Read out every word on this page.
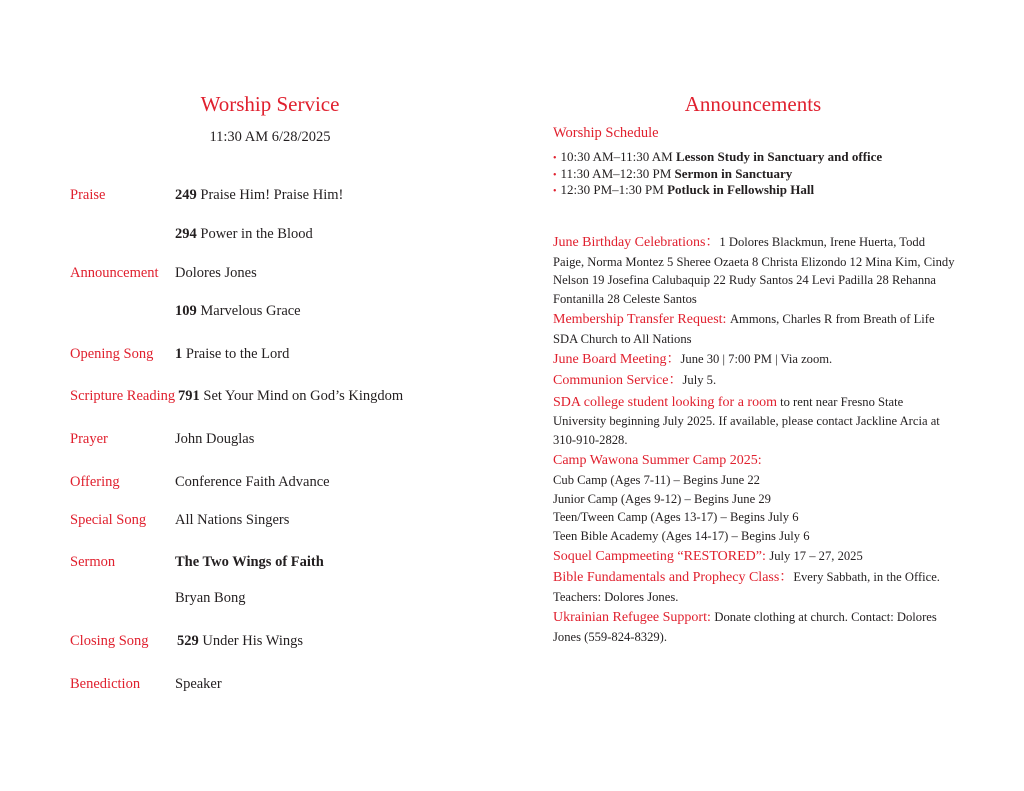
Worship Service
11:30 AM 6/28/2025
Praise	249 Praise Him! Praise Him!
294 Power in the Blood
Announcement Dolores Jones
109 Marvelous Grace
Opening Song 1 Praise to the Lord
Scripture Reading 791 Set Your Mind on God’s Kingdom
Prayer	John Douglas
Offering	Conference Faith Advance
Special Song All Nations Singers
Sermon	The Two Wings of Faith
Bryan Bong
Closing Song 529 Under His Wings
Benediction Speaker
Announcements
Worship Schedule
• 10:30 AM–11:30 AM Lesson Study in Sanctuary and office
• 11:30 AM–12:30 PM Sermon in Sanctuary
• 12:30 PM–1:30 PM Potluck in Fellowship Hall

June Birthday Celebrations：1 Dolores Blackmun, Irene Huerta, Todd Paige, Norma Montez 5 Sheree Ozaeta 8 Christa Elizondo 12 Mina Kim, Cindy Nelson 19 Josefina Calubaquip 22 Rudy Santos 24 Levi Padilla 28 Rehanna Fontanilla 28 Celeste Santos

Membership Transfer Request: Ammons, Charles R from Breath of Life SDA Church to All Nations

June Board Meeting：June 30 | 7:00 PM | Via zoom.

Communion Service：July 5.

SDA college student looking for a room to rent near Fresno State University beginning July 2025. If available, please contact Jackline Arcia at 310-910-2828.

Camp Wawona Summer Camp 2025:

Cub Camp (Ages 7-11) – Begins June 22

Junior Camp (Ages 9-12) – Begins June 29

Teen/Tween Camp (Ages 13-17) – Begins July 6

Teen Bible Academy (Ages 14-17) – Begins July 6

Soquel Campmeeting “RESTORED”: July 17 – 27, 2025

Bible Fundamentals and Prophecy Class：Every Sabbath, in the Office. Teachers: Dolores Jones.

Ukrainian Refugee Support: Donate clothing at church. Contact: Dolores Jones (559-824-8329).
